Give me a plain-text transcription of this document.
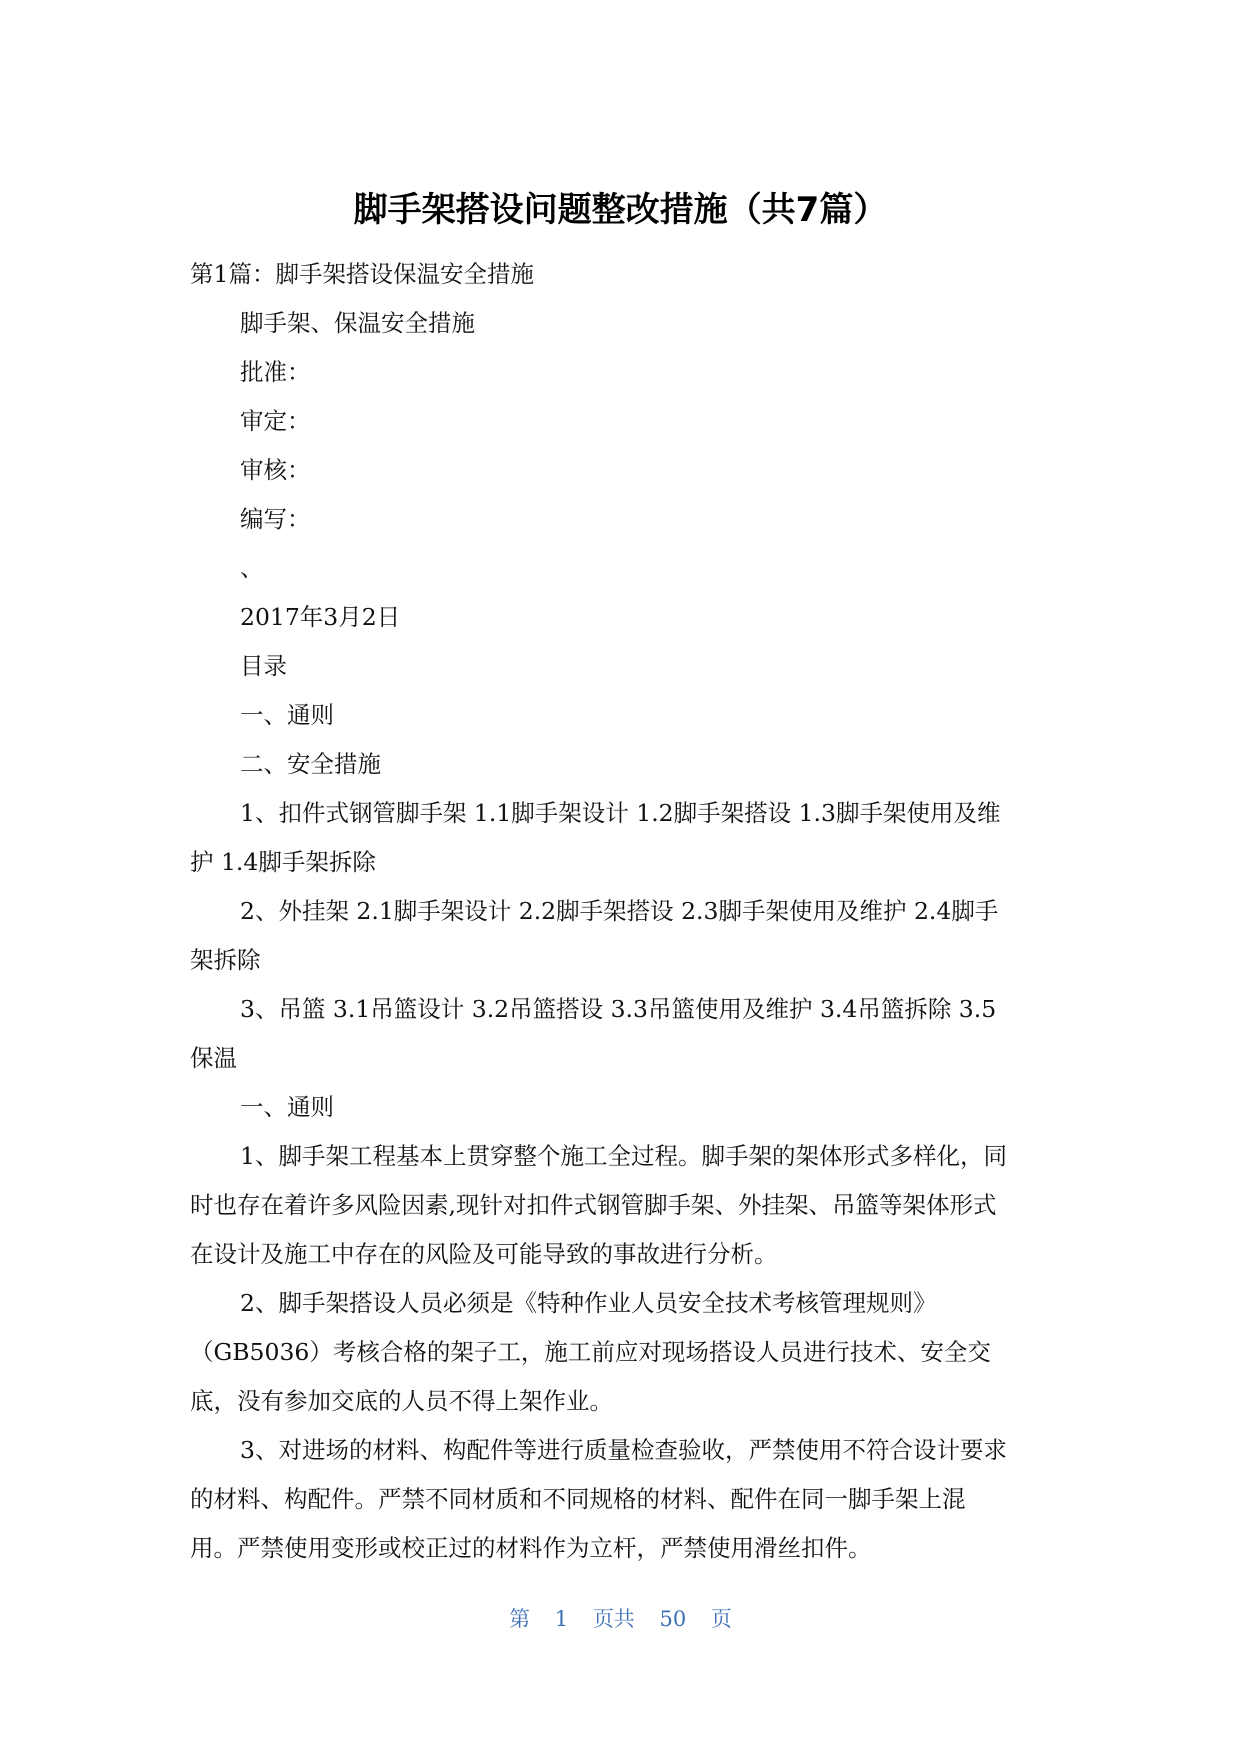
脚手架搭设问题整改措施（共7篇）
第1篇：脚手架搭设保温安全措施
脚手架、保温安全措施
批准：
审定：
审核：
编写：
、
2017年3月2日
目录
一、通则
二、安全措施
1、扣件式钢管脚手架 1.1脚手架设计 1.2脚手架搭设 1.3脚手架使用及维
护 1.4脚手架拆除
2、外挂架 2.1脚手架设计 2.2脚手架搭设 2.3脚手架使用及维护 2.4脚手
架拆除
3、吊篮 3.1吊篮设计 3.2吊篮搭设 3.3吊篮使用及维护 3.4吊篮拆除 3.5
保温
一、通则
1、脚手架工程基本上贯穿整个施工全过程。脚手架的架体形式多样化，同
时也存在着许多风险因素,现针对扣件式钢管脚手架、外挂架、吊篮等架体形式
在设计及施工中存在的风险及可能导致的事故进行分析。
2、脚手架搭设人员必须是《特种作业人员安全技术考核管理规则》
（GB5036）考核合格的架子工，施工前应对现场搭设人员进行技术、安全交
底，没有参加交底的人员不得上架作业。
3、对进场的材料、构配件等进行质量检查验收，严禁使用不符合设计要求
的材料、构配件。严禁不同材质和不同规格的材料、配件在同一脚手架上混
用。严禁使用变形或校正过的材料作为立杆，严禁使用滑丝扣件。
第 1 页共 50 页
